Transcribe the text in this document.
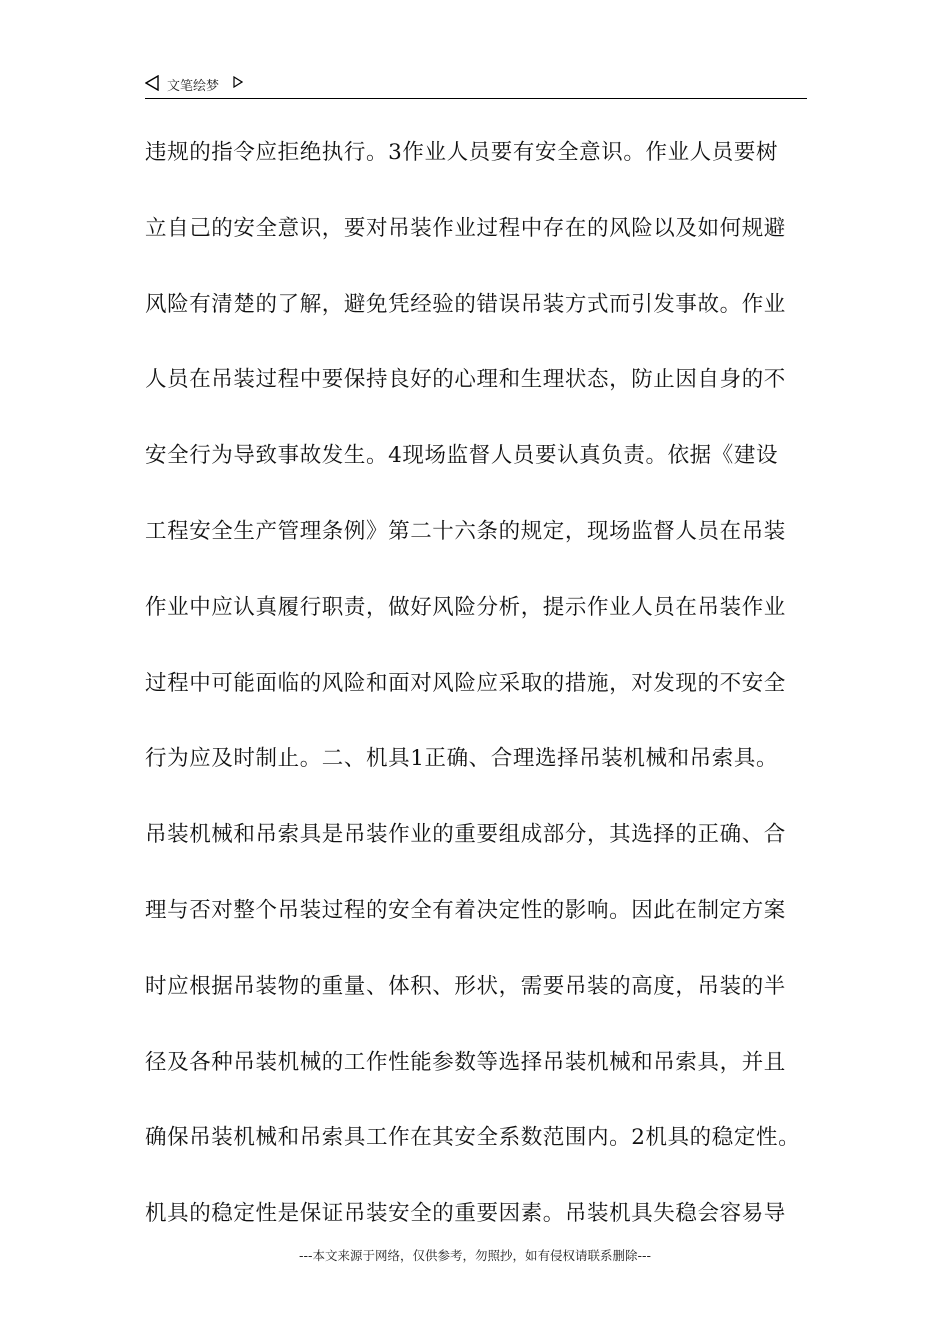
文笔绘梦
违规的指令应拒绝执行。3作业人员要有安全意识。作业人员要树
立自己的安全意识，要对吊装作业过程中存在的风险以及如何规避
风险有清楚的了解，避免凭经验的错误吊装方式而引发事故。作业
人员在吊装过程中要保持良好的心理和生理状态，防止因自身的不
安全行为导致事故发生。4现场监督人员要认真负责。依据《建设
工程安全生产管理条例》第二十六条的规定，现场监督人员在吊装
作业中应认真履行职责，做好风险分析，提示作业人员在吊装作业
过程中可能面临的风险和面对风险应采取的措施，对发现的不安全
行为应及时制止。二、机具1正确、合理选择吊装机械和吊索具。
吊装机械和吊索具是吊装作业的重要组成部分，其选择的正确、合
理与否对整个吊装过程的安全有着决定性的影响。因此在制定方案
时应根据吊装物的重量、体积、形状，需要吊装的高度，吊装的半
径及各种吊装机械的工作性能参数等选择吊装机械和吊索具，并且
确保吊装机械和吊索具工作在其安全系数范围内。2机具的稳定性。
机具的稳定性是保证吊装安全的重要因素。吊装机具失稳会容易导
---本文来源于网络，仅供参考，勿照抄，如有侵权请联系删除---
